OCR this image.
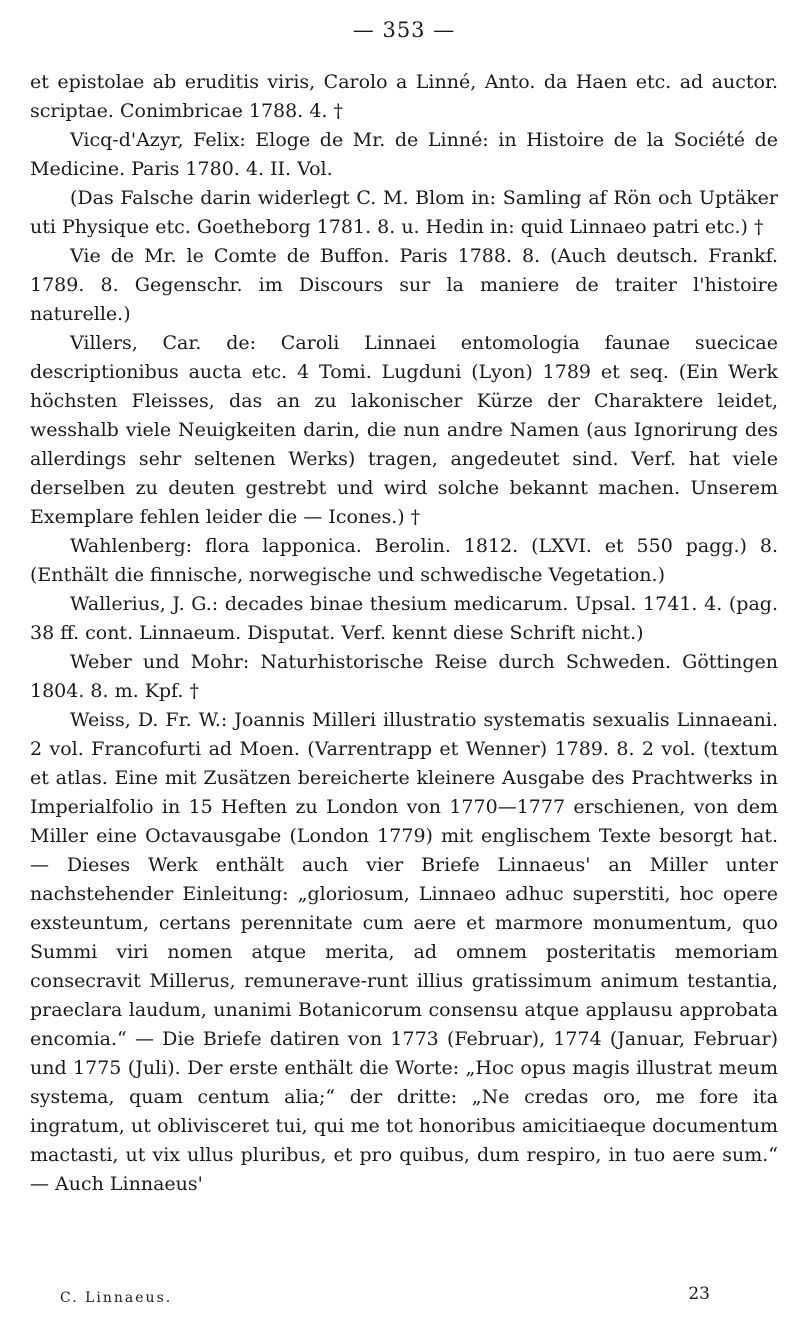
— 353 —

et epistolae ab eruditis viris, Carolo a Linné, Anto. da Haen etc. ad auctor. scriptae. Conimbricae 1788. 4. †

Vicq-d'Azyr, Felix: Eloge de Mr. de Linné: in Histoire de la Société de Medicine. Paris 1780. 4. II. Vol.

(Das Falsche darin widerlegt C. M. Blom in: Samling af Rön och Uptäker uti Physique etc. Goetheborg 1781. 8. u. Hedin in: quid Linnaeo patri etc.) †

Vie de Mr. le Comte de Buffon. Paris 1788. 8. (Auch deutsch. Frankf. 1789. 8. Gegenschr. im Discours sur la maniere de traiter l'histoire naturelle.)

Villers, Car. de: Caroli Linnaei entomologia faunae suecicae descriptionibus aucta etc. 4 Tomi. Lugduni (Lyon) 1789 et seq. (Ein Werk höchsten Fleisses, das an zu lakonischer Kürze der Charaktere leidet, wesshalb viele Neuigkeiten darin, die nun andre Namen (aus Ignorirung des allerdings sehr seltenen Werks) tragen, angedeutet sind. Verf. hat viele derselben zu deuten gestrebt und wird solche bekannt machen. Unserem Exemplare fehlen leider die — Icones.) †

Wahlenberg: flora lapponica. Berolin. 1812. (LXVI. et 550 pagg.) 8. (Enthält die finnische, norwegische und schwedische Vegetation.)

Wallerius, J. G.: decades binae thesium medicarum. Upsal. 1741. 4. (pag. 38 ff. cont. Linnaeum. Disputat. Verf. kennt diese Schrift nicht.)

Weber und Mohr: Naturhistorische Reise durch Schweden. Göttingen 1804. 8. m. Kpf. †

Weiss, D. Fr. W.: Joannis Milleri illustratio systematis sexualis Linnaeani. 2 vol. Francofurti ad Moen. (Varrentrapp et Wenner) 1789. 8. 2 vol. (textum et atlas. Eine mit Zusätzen bereicherte kleinere Ausgabe des Prachtwerks in Imperialfolio in 15 Heften zu London von 1770—1777 erschienen, von dem Miller eine Octavausgabe (London 1779) mit englischem Texte besorgt hat. — Dieses Werk enthält auch vier Briefe Linnaeus' an Miller unter nachstehender Einleitung: „gloriosum, Linnaeo adhuc superstiti, hoc opere exsteuntum, certans perennitate cum aere et marmore monumentum, quo Summi viri nomen atque merita, ad omnem posteritatis memoriam consecravit Millerus, remunerave-runt illius gratissimum animum testantia, praeclara laudum, unanimi Botanicorum consensu atque applausu approbata encomia.“ — Die Briefe datiren von 1773 (Februar), 1774 (Januar, Februar) und 1775 (Juli). Der erste enthält die Worte: „Hoc opus magis illustrat meum systema, quam centum alia;“ der dritte: „Ne credas oro, me fore ita ingratum, ut oblivisceret tui, qui me tot honoribus amicitiaeque documentum mactasti, ut vix ullus pluribus, et pro quibus, dum respiro, in tuo aere sum.“ — Auch Linnaeus'

C. Linnaeus.	23
